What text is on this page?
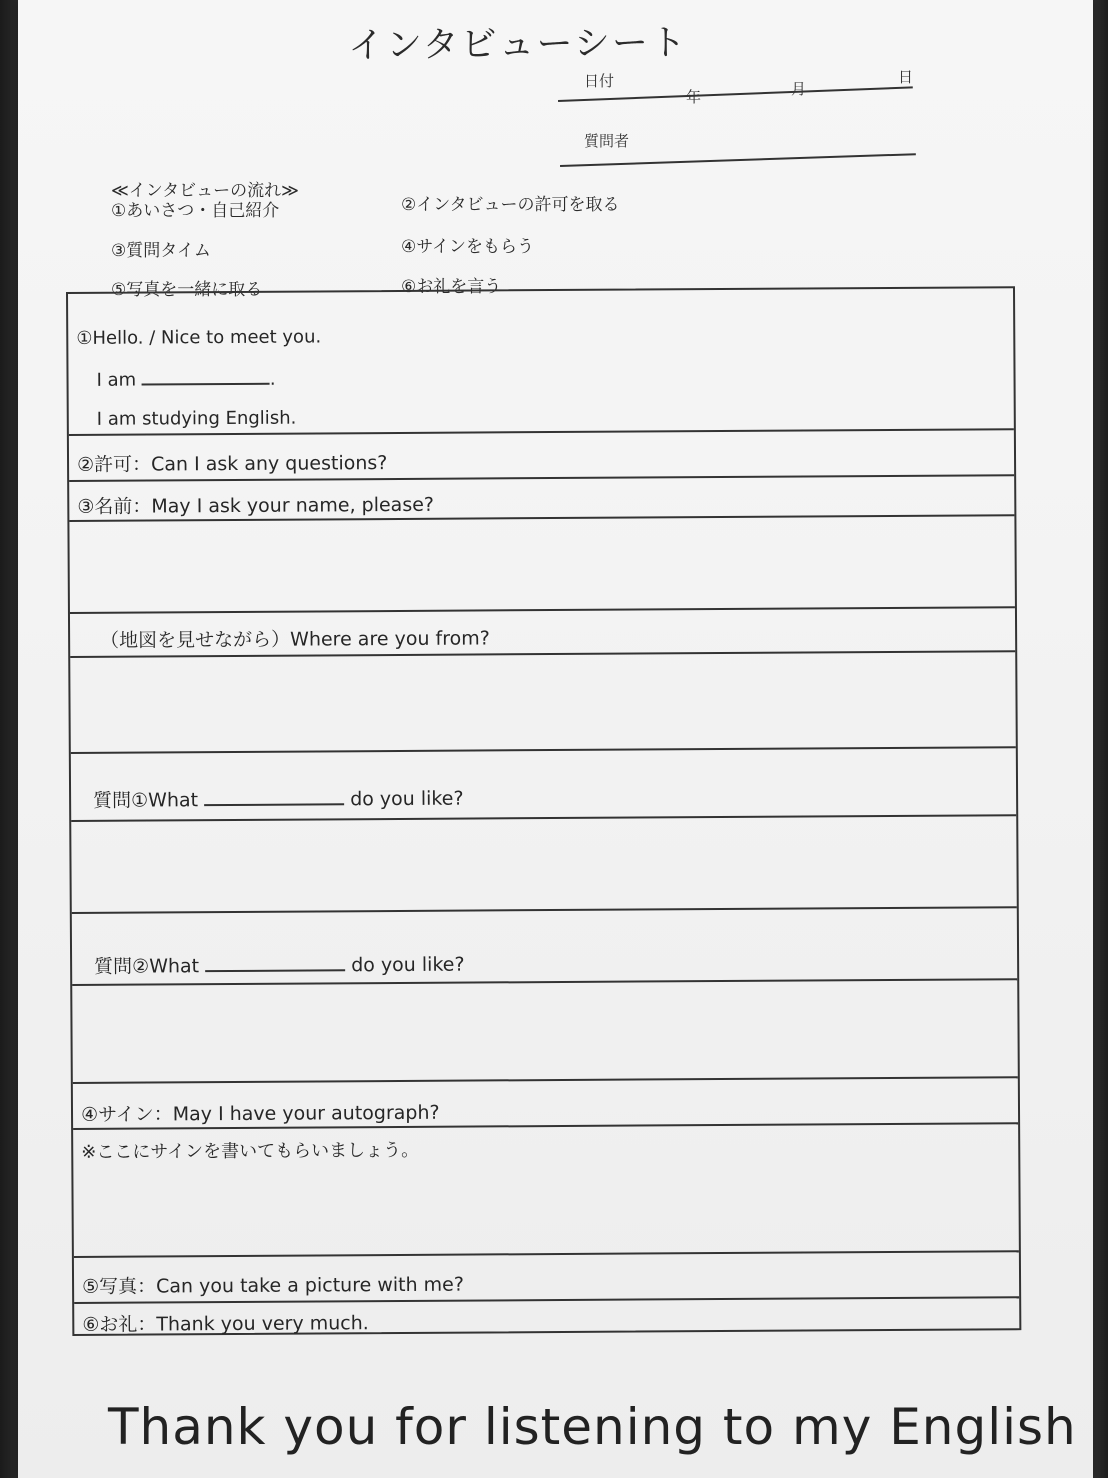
インタビューシート
日付
年	月
日
質問者
≪インタビューの流れ≫
①あいさつ・自己紹介	②インタビューの許可を取る
③質問タイム	④サインをもらう
⑤写真を一緒に取る	⑥お礼を言う
①Hello. / Nice to meet you.
I am	.
I am studying English.
②許可：Can I ask any questions?
③名前：May I ask your name, please?
（地図を見せながら）Where are you from?
質問①What	do you like?
質問②What	do you like?
④サイン：May I have your autograph?
※ここにサインを書いてもらいましょう。
⑤写真：Can you take a picture with me?
⑥お礼：Thank you very much.
Thank you for listening to my English
